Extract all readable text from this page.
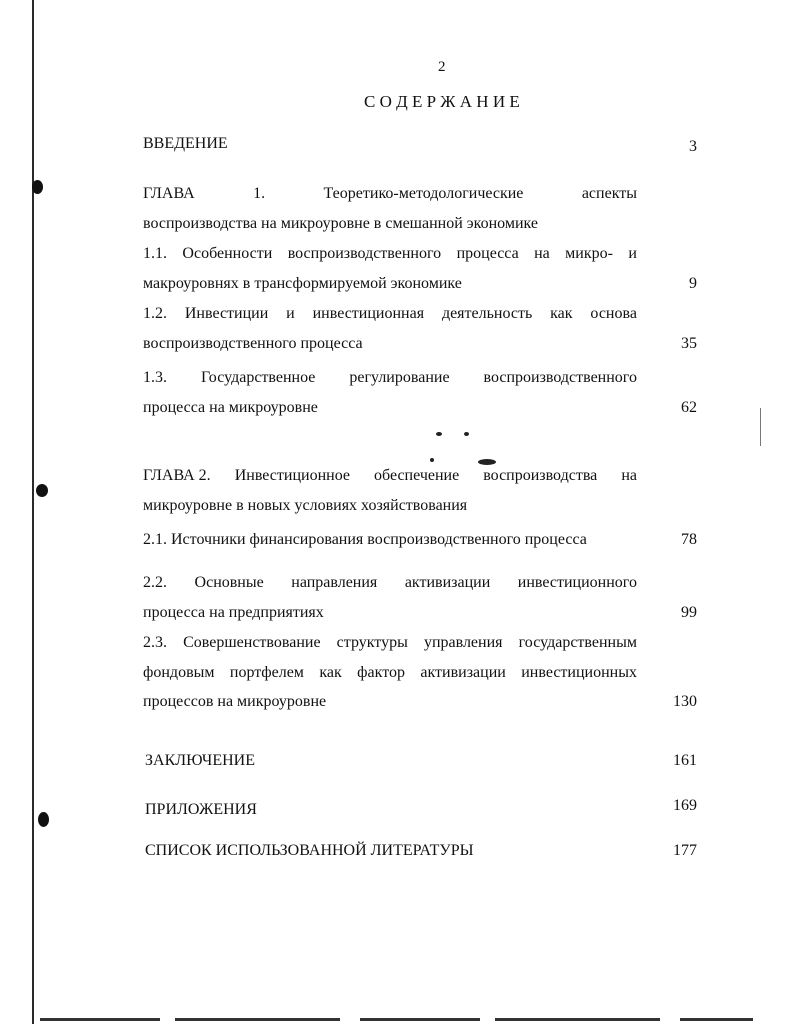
2
С О Д Е Р Ж А Н И Е
ВВЕДЕНИЕ	3
ГЛАВА	1.	Теоретико-методологические	аспекты
воспроизводства на микроуровне в смешанной экономике
1.1. Особенности воспроизводственного процесса на микро- и
макроуровнях в трансформируемой экономике	9
1.2. Инвестиции и инвестиционная деятельность как основа
воспроизводственного процесса	35
1.3. Государственное регулирование воспроизводственного
процесса на микроуровне	62
ГЛАВА 2. Инвестиционное обеспечение воспроизводства на
микроуровне в новых условиях хозяйствования
2.1. Источники финансирования воспроизводственного процесса	78
2.2. Основные направления активизации инвестиционного
процесса на предприятиях	99
2.3. Совершенствование структуры управления государственным
фондовым портфелем как фактор активизации инвестиционных
процессов на микроуровне	130
ЗАКЛЮЧЕНИЕ	161
ПРИЛОЖЕНИЯ	169
СПИСОК ИСПОЛЬЗОВАННОЙ ЛИТЕРАТУРЫ	177
